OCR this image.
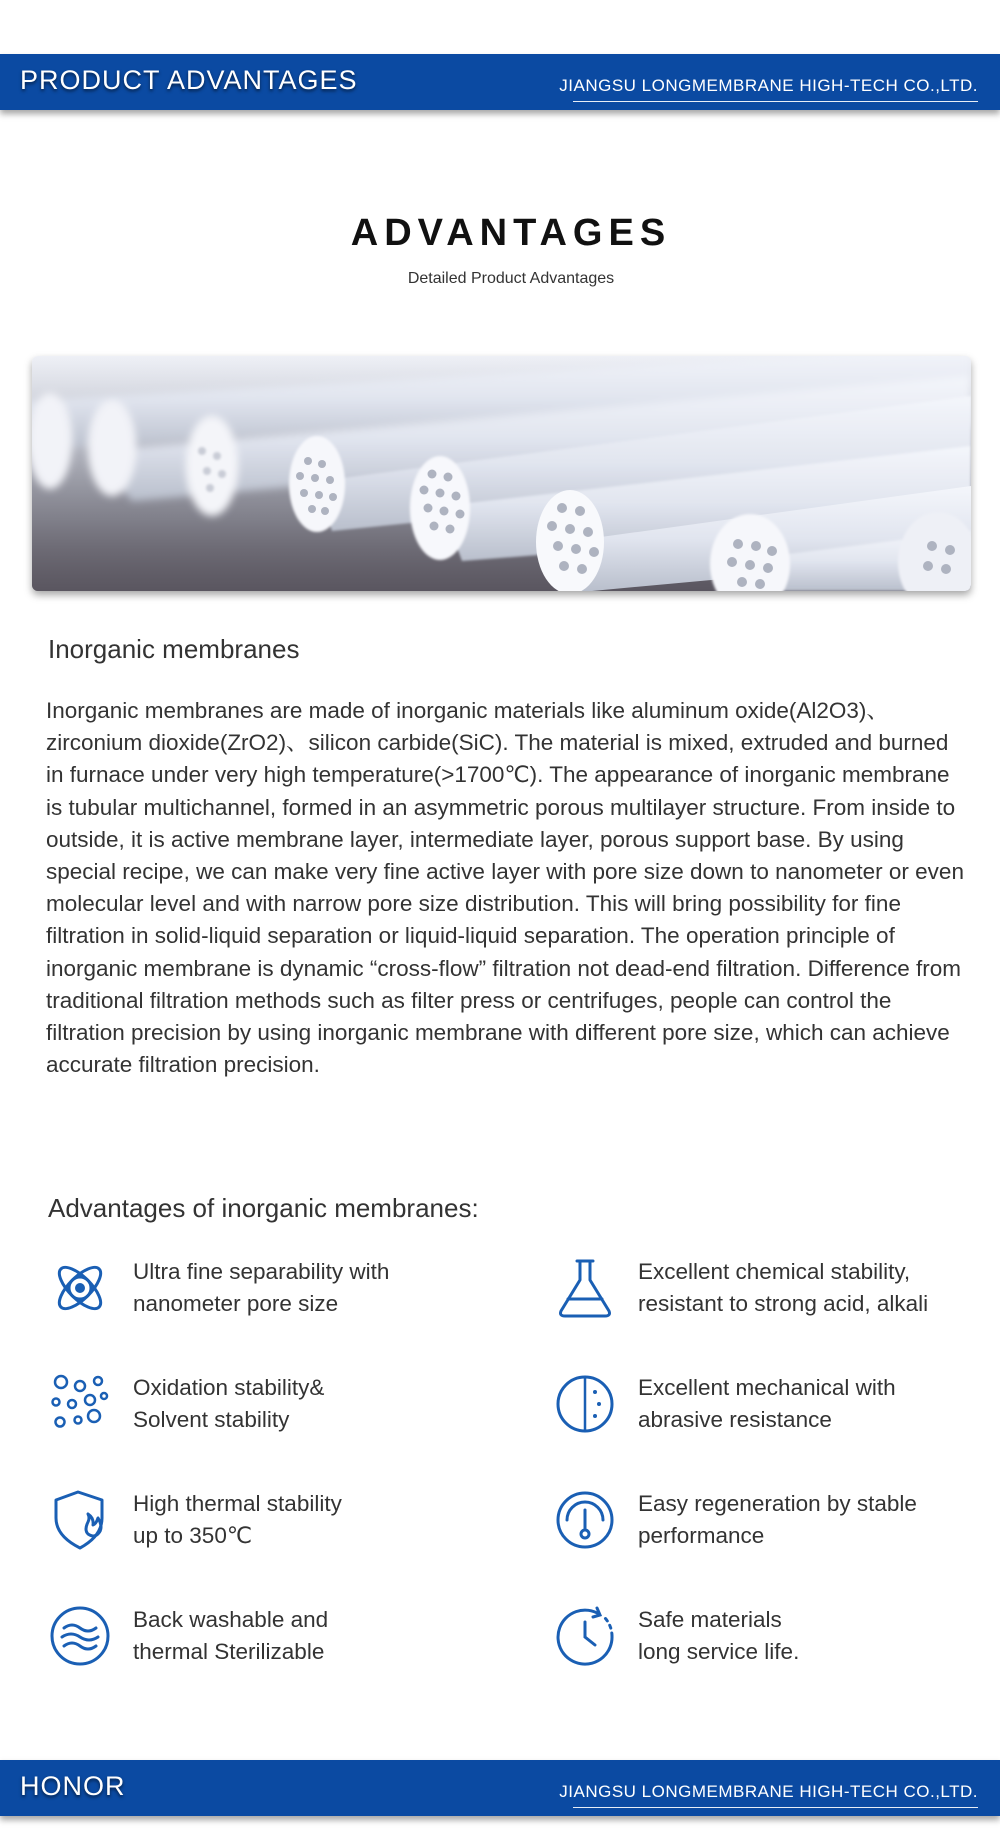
PRODUCT ADVANTAGES	JIANGSU LONGMEMBRANE HIGH-TECH CO.,LTD.
ADVANTAGES
Detailed Product Advantages
Inorganic membranes

Inorganic membranes are made of inorganic materials like aluminum oxide(Al2O3)、zirconium dioxide(ZrO2)、silicon carbide(SiC). The material is mixed, extruded and burned in furnace under very high temperature(>1700℃). The appearance of inorganic membrane is tubular multichannel, formed in an asymmetric porous multilayer structure. From inside to outside, it is active membrane layer, intermediate layer, porous support base. By using special recipe, we can make very fine active layer with pore size down to nanometer or even molecular level and with narrow pore size distribution. This will bring possibility for fine filtration in solid-liquid separation or liquid-liquid separation. The operation principle of inorganic membrane is dynamic “cross-flow” filtration not dead-end filtration. Difference from traditional filtration methods such as filter press or centrifuges, people can control the filtration precision by using inorganic membrane with different pore size, which can achieve accurate filtration precision.

Advantages of inorganic membranes:
Ultra fine separability with
nanometer pore size
Excellent chemical stability,
resistant to strong acid, alkali
Oxidation stability&
Solvent stability
Excellent mechanical with
abrasive resistance
High thermal stability
up to 350℃
Easy regeneration by stable
performance
Back washable and
thermal Sterilizable
Safe materials
long service life.
HONOR	JIANGSU LONGMEMBRANE HIGH-TECH CO.,LTD.
